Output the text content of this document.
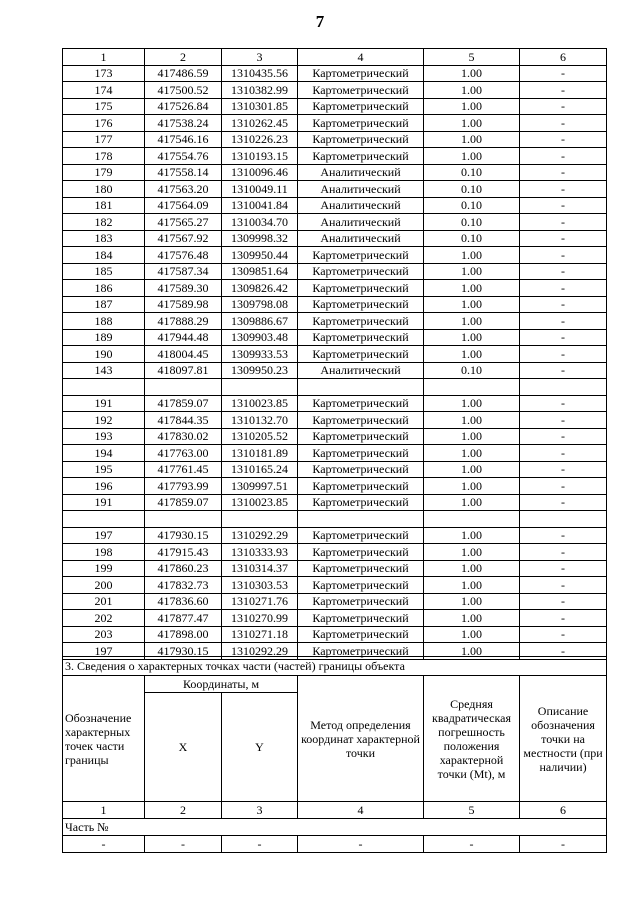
7
1	2	3	4	5	6
173	417486.59	1310435.56	Картометрический	1.00	-
174	417500.52	1310382.99	Картометрический	1.00	-
175	417526.84	1310301.85	Картометрический	1.00	-
176	417538.24	1310262.45	Картометрический	1.00	-
177	417546.16	1310226.23	Картометрический	1.00	-
178	417554.76	1310193.15	Картометрический	1.00	-
179	417558.14	1310096.46	Аналитический	0.10	-
180	417563.20	1310049.11	Аналитический	0.10	-
181	417564.09	1310041.84	Аналитический	0.10	-
182	417565.27	1310034.70	Аналитический	0.10	-
183	417567.92	1309998.32	Аналитический	0.10	-
184	417576.48	1309950.44	Картометрический	1.00	-
185	417587.34	1309851.64	Картометрический	1.00	-
186	417589.30	1309826.42	Картометрический	1.00	-
187	417589.98	1309798.08	Картометрический	1.00	-
188	417888.29	1309886.67	Картометрический	1.00	-
189	417944.48	1309903.48	Картометрический	1.00	-
190	418004.45	1309933.53	Картометрический	1.00	-
143	418097.81	1309950.23	Аналитический	0.10	-

191	417859.07	1310023.85	Картометрический	1.00	-
192	417844.35	1310132.70	Картометрический	1.00	-
193	417830.02	1310205.52	Картометрический	1.00	-
194	417763.00	1310181.89	Картометрический	1.00	-
195	417761.45	1310165.24	Картометрический	1.00	-
196	417793.99	1309997.51	Картометрический	1.00	-
191	417859.07	1310023.85	Картометрический	1.00	-

197	417930.15	1310292.29	Картометрический	1.00	-
198	417915.43	1310333.93	Картометрический	1.00	-
199	417860.23	1310314.37	Картометрический	1.00	-
200	417832.73	1310303.53	Картометрический	1.00	-
201	417836.60	1310271.76	Картометрический	1.00	-
202	417877.47	1310270.99	Картометрический	1.00	-
203	417898.00	1310271.18	Картометрический	1.00	-
197	417930.15	1310292.29	Картометрический	1.00	-
3. Сведения о характерных точках части (частей) границы объекта					
Обозначение характерных точек части границы	Координаты, м		Метод определения координат характерной точки	Средняя квадратическая погрешность положения характерной точки (Mt), м	Описание обозначения точки на местности (при наличии)
	X	Y			
1	2	3	4	5	6
Часть №					
-	-	-	-	-	-
